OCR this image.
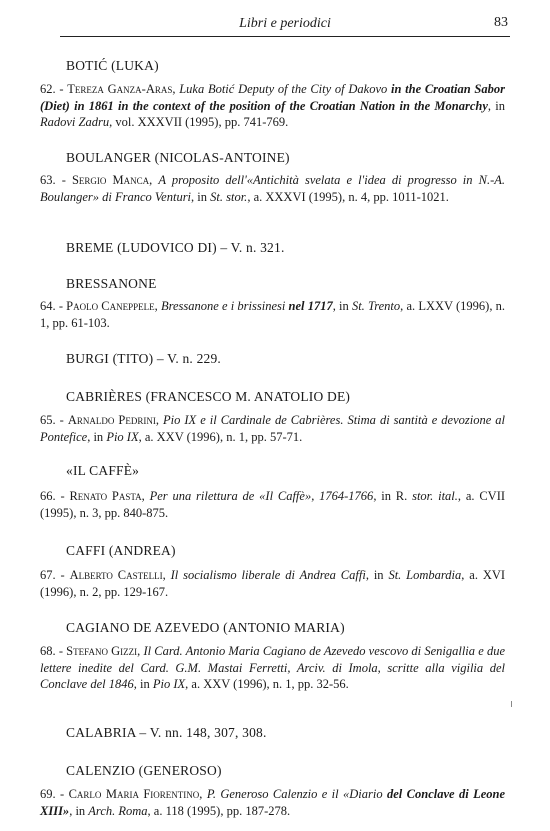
Libri e periodici	83
BOTIĆ (LUKA)
62. - Tereza Ganza-Aras, Luka Botić Deputy of the City of Dakovo in the Croatian Sabor (Diet) in 1861 in the context of the position of the Croatian Nation in the Monarchy, in Radovi Zadru, vol. XXXVII (1995), pp. 741-769.
BOULANGER (NICOLAS-ANTOINE)
63. - Sergio Manca, A proposito dell'«Antichità svelata e l'idea di progresso in N.-A. Boulanger» di Franco Venturi, in St. stor., a. XXXVI (1995), n. 4, pp. 1011-1021.
BREME (LUDOVICO DI) – V. n. 321.
BRESSANONE
64. - Paolo Caneppele, Bressanone e i brissinesi nel 1717, in St. Trento, a. LXXV (1996), n. 1, pp. 61-103.
BURGI (TITO) – V. n. 229.
CABRIÈRES (FRANCESCO M. ANATOLIO DE)
65. - Arnaldo Pedrini, Pio IX e il Cardinale de Cabrières. Stima di santità e devozione al Pontefice, in Pio IX, a. XXV (1996), n. 1, pp. 57-71.
«IL CAFFÈ»
66. - Renato Pasta, Per una rilettura de «Il Caffè», 1764-1766, in R. stor. ital., a. CVII (1995), n. 3, pp. 840-875.
CAFFI (ANDREA)
67. - Alberto Castelli, Il socialismo liberale di Andrea Caffi, in St. Lombardia, a. XVI (1996), n. 2, pp. 129-167.
CAGIANO DE AZEVEDO (ANTONIO MARIA)
68. - Stefano Gizzi, Il Card. Antonio Maria Cagiano de Azevedo vescovo di Senigallia e due lettere inedite del Card. G.M. Mastai Ferretti, Arciv. di Imola, scritte alla vigilia del Conclave del 1846, in Pio IX, a. XXV (1996), n. 1, pp. 32-56.
CALABRIA – V. nn. 148, 307, 308.
CALENZIO (GENEROSO)
69. - Carlo Maria Fiorentino, P. Generoso Calenzio e il «Diario del Conclave di Leone XIII», in Arch. Roma, a. 118 (1995), pp. 187-278.
